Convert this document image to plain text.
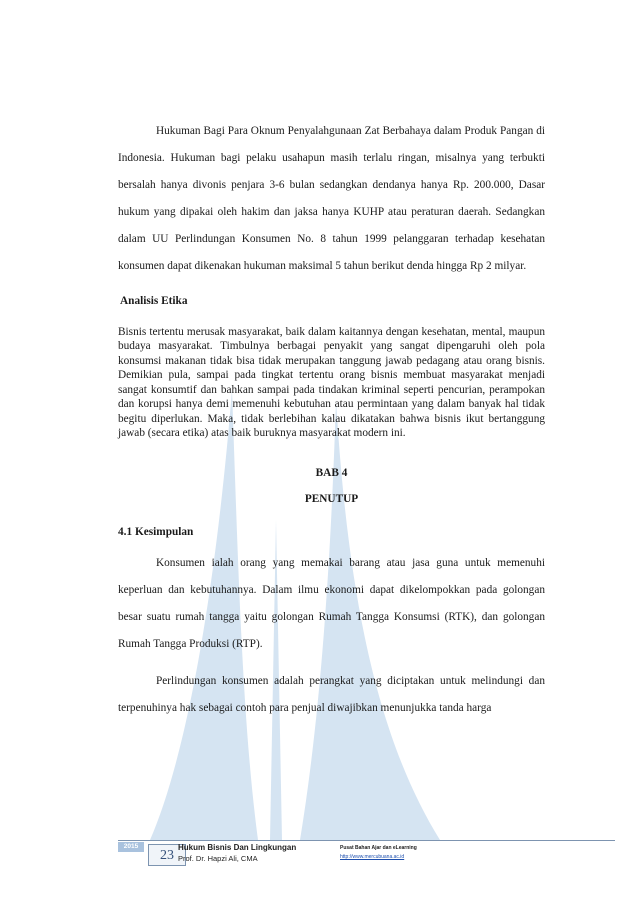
Hukuman Bagi Para Oknum Penyalahgunaan Zat Berbahaya dalam Produk Pangan di Indonesia. Hukuman bagi pelaku usahapun masih terlalu ringan, misalnya yang terbukti bersalah hanya divonis penjara 3-6 bulan sedangkan dendanya hanya Rp. 200.000, Dasar hukum yang dipakai oleh hakim dan jaksa hanya KUHP atau peraturan daerah. Sedangkan dalam UU Perlindungan Konsumen No. 8 tahun 1999 pelanggaran terhadap kesehatan konsumen dapat dikenakan hukuman maksimal 5 tahun berikut denda hingga Rp 2 milyar.

Analisis Etika

Bisnis tertentu merusak masyarakat, baik dalam kaitannya dengan kesehatan, mental, maupun budaya masyarakat. Timbulnya berbagai penyakit yang sangat dipengaruhi oleh pola konsumsi makanan tidak bisa tidak merupakan tanggung jawab pedagang atau orang bisnis. Demikian pula, sampai pada tingkat tertentu orang bisnis membuat masyarakat menjadi sangat konsumtif dan bahkan sampai pada tindakan kriminal seperti pencurian, perampokan dan korupsi hanya demi memenuhi kebutuhan atau permintaan yang dalam banyak hal tidak begitu diperlukan. Maka, tidak berlebihan kalau dikatakan bahwa bisnis ikut bertanggung jawab (secara etika) atas baik buruknya masyarakat modern ini.

BAB 4

PENUTUP

4.1 Kesimpulan

Konsumen ialah orang yang memakai barang atau jasa guna untuk memenuhi keperluan dan kebutuhannya. Dalam ilmu ekonomi dapat dikelompokkan pada golongan besar suatu rumah tangga yaitu golongan Rumah Tangga Konsumsi (RTK), dan golongan Rumah Tangga Produksi (RTP).

Perlindungan konsumen adalah perangkat yang diciptakan untuk melindungi dan terpenuhinya hak sebagai contoh para penjual diwajibkan menunjukka tanda harga

2015
23
Hukum Bisnis Dan Lingkungan
Prof. Dr. Hapzi Ali, CMA
Pusat Bahan Ajar dan eLearning
http://www.mercubuana.ac.id
